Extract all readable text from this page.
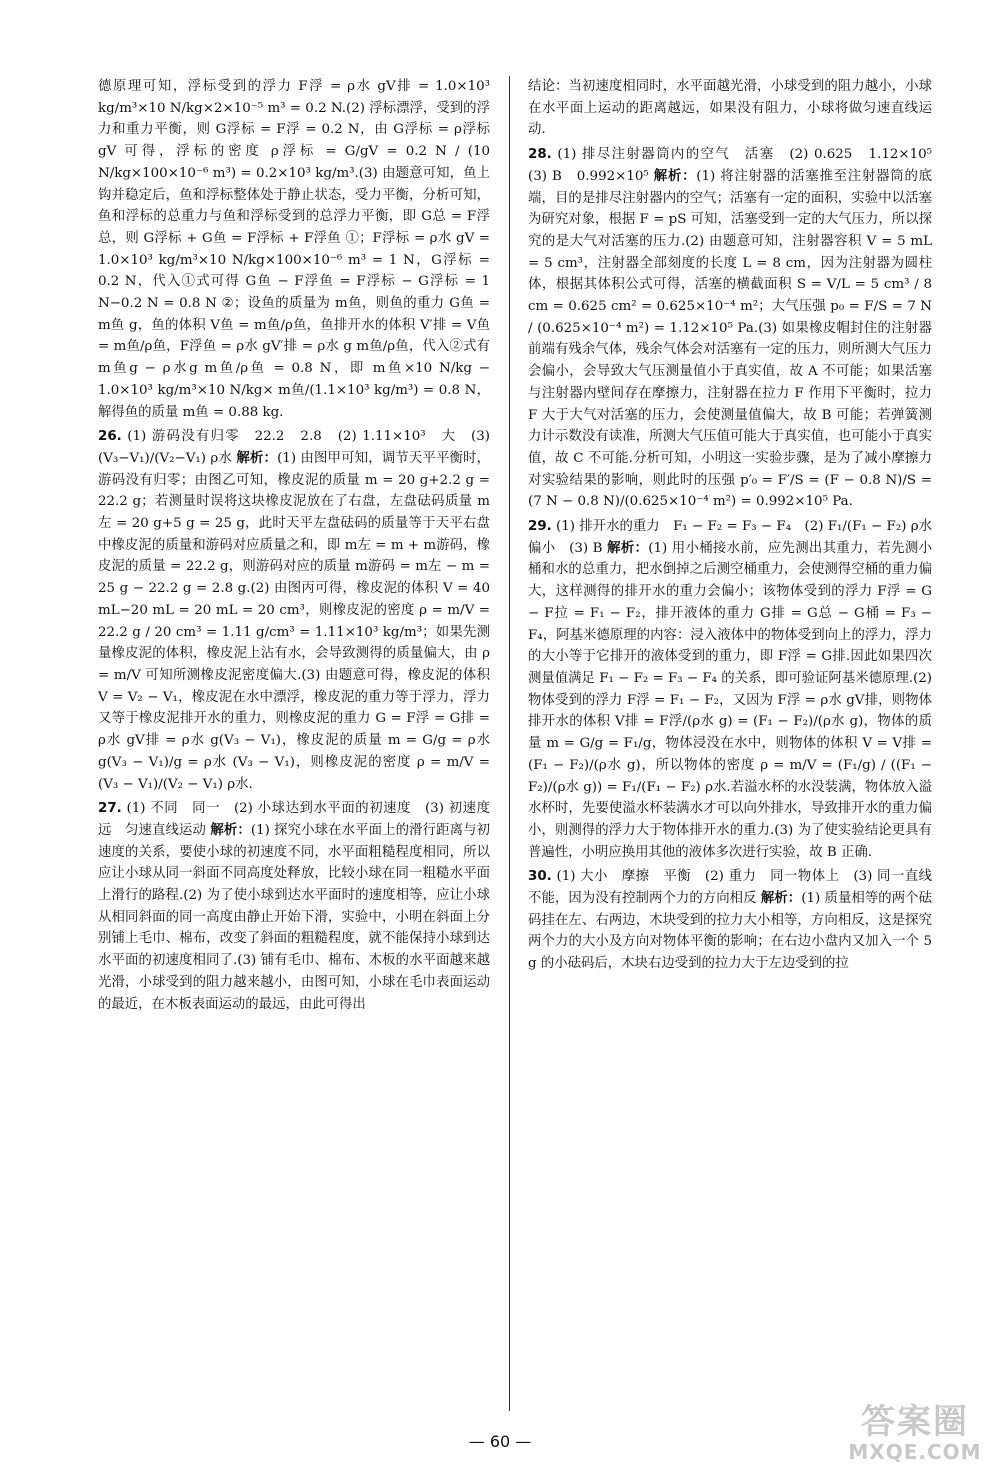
德原理可知，浮标受到的浮力 F浮 = ρ水 gV排 = 1.0×10³ kg/m³×10 N/kg×2×10⁻⁵ m³ = 0.2 N.(2) 浮标漂浮，受到的浮力和重力平衡，则 G浮标 = F浮 = 0.2 N，由 G浮标 = ρ浮标 gV 可得，浮标的密度 ρ浮标 = G/gV = 0.2 N / (10 N/kg×100×10⁻⁶ m³) = 0.2×10³ kg/m³.(3) 由题意可知，鱼上钩并稳定后，鱼和浮标整体处于静止状态，受力平衡，分析可知，鱼和浮标的总重力与鱼和浮标受到的总浮力平衡，即 G总 = F浮总，则 G浮标 + G鱼 = F浮标 + F浮鱼 ①；F浮标 = ρ水 gV = 1.0×10³ kg/m³×10 N/kg×100×10⁻⁶ m³ = 1 N，G浮标 = 0.2 N，代入①式可得 G鱼 − F浮鱼 = F浮标 − G浮标 = 1 N−0.2 N = 0.8 N ②；设鱼的质量为 m鱼，则鱼的重力 G鱼 = m鱼 g，鱼的体积 V鱼 = m鱼/ρ鱼，鱼排开水的体积 V′排 = V鱼 = m鱼/ρ鱼，F浮鱼 = ρ水 gV′排 = ρ水 g m鱼/ρ鱼，代入②式有 m鱼g − ρ水g m鱼/ρ鱼 = 0.8 N，即 m鱼×10 N/kg − 1.0×10³ kg/m³×10 N/kg× m鱼/(1.1×10³ kg/m³) = 0.8 N，解得鱼的质量 m鱼 = 0.88 kg.

26. (1) 游码没有归零　22.2　2.8　(2) 1.11×10³　大　(3) (V₃−V₁)/(V₂−V₁) ρ水 解析：(1) 由图甲可知，调节天平平衡时，游码没有归零；由图乙可知，橡皮泥的质量 m = 20 g+2.2 g = 22.2 g；若测量时误将这块橡皮泥放在了右盘，左盘砝码质量 m左 = 20 g+5 g = 25 g，此时天平左盘砝码的质量等于天平右盘中橡皮泥的质量和游码对应质量之和，即 m左 = m + m游码，橡皮泥的质量 = 22.2 g，则游码对应的质量 m游码 = m左 − m = 25 g − 22.2 g = 2.8 g.(2) 由图丙可得，橡皮泥的体积 V = 40 mL−20 mL = 20 mL = 20 cm³，则橡皮泥的密度 ρ = m/V = 22.2 g / 20 cm³ = 1.11 g/cm³ = 1.11×10³ kg/m³；如果先测量橡皮泥的体积，橡皮泥上沾有水，会导致测得的质量偏大，由 ρ = m/V 可知所测橡皮泥密度偏大.(3) 由题意可得，橡皮泥的体积 V = V₂ − V₁，橡皮泥在水中漂浮，橡皮泥的重力等于浮力，浮力又等于橡皮泥排开水的重力，则橡皮泥的重力 G = F浮 = G排 = ρ水 gV排 = ρ水 g(V₃ − V₁)，橡皮泥的质量 m = G/g = ρ水 g(V₃ − V₁)/g = ρ水 (V₃ − V₁)，则橡皮泥的密度 ρ = m/V = (V₃ − V₁)/(V₂ − V₁) ρ水.
27. (1) 不同　同一　(2) 小球达到水平面的初速度　(3) 初速度　远　匀速直线运动 解析：(1) 探究小球在水平面上的滑行距离与初速度的关系，要使小球的初速度不同，水平面粗糙程度相同，所以应让小球从同一斜面不同高度处释放，比较小球在同一粗糙水平面上滑行的路程.(2) 为了使小球到达水平面时的速度相等，应让小球从相同斜面的同一高度由静止开始下滑，实验中，小明在斜面上分别铺上毛巾、棉布，改变了斜面的粗糙程度，就不能保持小球到达水平面的初速度相同了.(3) 铺有毛巾、棉布、木板的水平面越来越光滑，小球受到的阻力越来越小，由图可知，小球在毛巾表面运动的最近，在木板表面运动的最远，由此可得出

结论：当初速度相同时，水平面越光滑，小球受到的阻力越小，小球在水平面上运动的距离越远，如果没有阻力，小球将做匀速直线运动.

28. (1) 排尽注射器筒内的空气　活塞　(2) 0.625　1.12×10⁵　(3) B　0.992×10⁵ 解析：(1) 将注射器的活塞推至注射器筒的底端，目的是排尽注射器内的空气；活塞有一定的面积，实验中以活塞为研究对象，根据 F = pS 可知，活塞受到一定的大气压力，所以探究的是大气对活塞的压力.(2) 由题意可知，注射器容积 V = 5 mL = 5 cm³，注射器全部刻度的长度 L = 8 cm，因为注射器为圆柱体，根据其体积公式可得，活塞的横截面积 S = V/L = 5 cm³ / 8 cm = 0.625 cm² = 0.625×10⁻⁴ m²；大气压强 p₀ = F/S = 7 N / (0.625×10⁻⁴ m²) = 1.12×10⁵ Pa.(3) 如果橡皮帽封住的注射器前端有残余气体，残余气体会对活塞有一定的压力，则所测大气压力会偏小，会导致大气压测量值小于真实值，故 A 不可能；如果活塞与注射器内壁间存在摩擦力，注射器在拉力 F 作用下平衡时，拉力 F 大于大气对活塞的压力，会使测量值偏大，故 B 可能；若弹簧测力计示数没有读准，所测大气压值可能大于真实值，也可能小于真实值，故 C 不可能.分析可知，小明这一实验步骤，是为了减小摩擦力对实验结果的影响，则此时的压强 p′₀ = F′/S = (F − 0.8 N)/S = (7 N − 0.8 N)/(0.625×10⁻⁴ m²) = 0.992×10⁵ Pa.
29. (1) 排开水的重力　F₁ − F₂ = F₃ − F₄　(2) F₁/(F₁ − F₂) ρ水　偏小　(3) B 解析：(1) 用小桶接水前，应先测出其重力，若先测小桶和水的总重力，把水倒掉之后测空桶重力，会使测得空桶的重力偏大，这样测得的排开水的重力会偏小；该物体受到的浮力 F浮 = G − F拉 = F₁ − F₂，排开液体的重力 G排 = G总 − G桶 = F₃ − F₄，阿基米德原理的内容：浸入液体中的物体受到向上的浮力，浮力的大小等于它排开的液体受到的重力，即 F浮 = G排.因此如果四次测量值满足 F₁ − F₂ = F₃ − F₄ 的关系，即可验证阿基米德原理.(2) 物体受到的浮力 F浮 = F₁ − F₂，又因为 F浮 = ρ水 gV排，则物体排开水的体积 V排 = F浮/(ρ水 g) = (F₁ − F₂)/(ρ水 g)，物体的质量 m = G/g = F₁/g，物体浸没在水中，则物体的体积 V = V排 = (F₁ − F₂)/(ρ水 g)，所以物体的密度 ρ = m/V = (F₁/g) / ((F₁ − F₂)/(ρ水 g)) = F₁/(F₁ − F₂) ρ水.若溢水杯的水没装满，物体放入溢水杯时，先要使溢水杯装满水才可以向外排水，导致排开水的重力偏小，则测得的浮力大于物体排开水的重力.(3) 为了使实验结论更具有普遍性，小明应换用其他的液体多次进行实验，故 B 正确.
30. (1) 大小　摩擦　平衡　(2) 重力　同一物体上　(3) 同一直线　不能，因为没有控制两个力的方向相反 解析：(1) 质量相等的两个砝码挂在左、右两边，木块受到的拉力大小相等，方向相反，这是探究两个力的大小及方向对物体平衡的影响；在右边小盘内又加入一个 5 g 的小砝码后，木块右边受到的拉力大于左边受到的拉
— 60 —	答案圈
MXQE.COM
